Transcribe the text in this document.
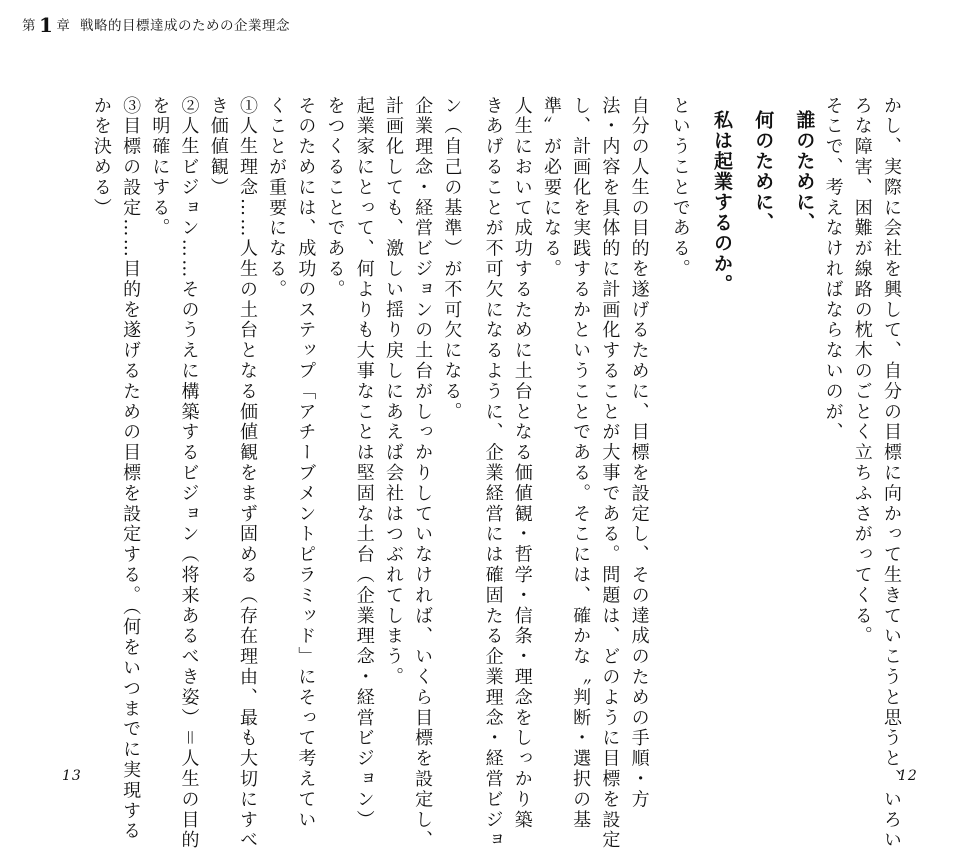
第 1 章 戦略的目標達成のための企業理念

かし、実際に会社を興して、自分の目標に向かって生きていこうと思うと、いろい

ろな障害、困難が線路の枕木のごとく立ちふさがってくる。

そこで、考えなければならないのが、

誰のために、

何のために、

私は起業するのか。

ということである。

自分の人生の目的を遂げるために、目標を設定し、その達成のための手順・方

法・内容を具体的に計画化することが大事である。問題は、どのように目標を設定

し、計画化を実践するかということである。そこには、確かな〝判断・選択の基

準〟が必要になる。

人生において成功するために土台となる価値観・哲学・信条・理念をしっかり築

きあげることが不可欠になるように、企業経営には確固たる企業理念・経営ビジョ

ン（自己の基準）が不可欠になる。

企業理念・経営ビジョンの土台がしっかりしていなければ、いくら目標を設定し、

計画化しても、激しい揺り戻しにあえば会社はつぶれてしまう。

起業家にとって、何よりも大事なことは堅固な土台（企業理念・経営ビジョン）

をつくることである。

そのためには、成功のステップ「アチーブメントピラミッド」にそって考えてい

くことが重要になる。

①人生理念……人生の土台となる価値観をまず固める（存在理由、最も大切にすべ

き価値観）

②人生ビジョン……そのうえに構築するビジョン（将来あるべき姿）＝人生の目的

を明確にする。

③目標の設定……目的を遂げるための目標を設定する。（何をいつまでに実現する

かを決める）

13	12
